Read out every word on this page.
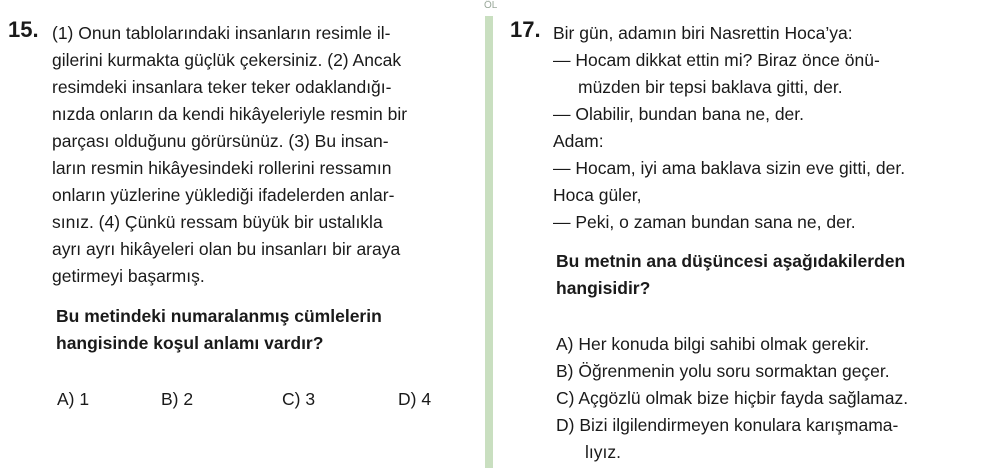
ÖL
15. (1) Onun tablolarındaki insanların resimle il-
gilerini kurmakta güçlük çekersiniz. (2) Ancak
resimdeki insanlara teker teker odaklandığı-
nızda onların da kendi hikâyeleriyle resmin bir
parçası olduğunu görürsünüz. (3) Bu insan-
ların resmin hikâyesindeki rollerini ressamın
onların yüzlerine yüklediği ifadelerden anlar-
sınız. (4) Çünkü ressam büyük bir ustalıkla
ayrı ayrı hikâyeleri olan bu insanları bir araya
getirmeyi başarmış.
Bu metindeki numaralanmış cümlelerin
hangisinde koşul anlamı vardır?
A) 1	B) 2	C) 3	D) 4
17. Bir gün, adamın biri Nasrettin Hoca’ya:
— Hocam dikkat ettin mi? Biraz önce önü-
müzden bir tepsi baklava gitti, der.
— Olabilir, bundan bana ne, der.
Adam:
— Hocam, iyi ama baklava sizin eve gitti, der.
Hoca güler,
— Peki, o zaman bundan sana ne, der.
Bu metnin ana düşüncesi aşağıdakilerden
hangisidir?
A) Her konuda bilgi sahibi olmak gerekir.
B) Öğrenmenin yolu soru sormaktan geçer.
C) Açgözlü olmak bize hiçbir fayda sağlamaz.
D) Bizi ilgilendirmeyen konulara karışmama-
lıyız.
